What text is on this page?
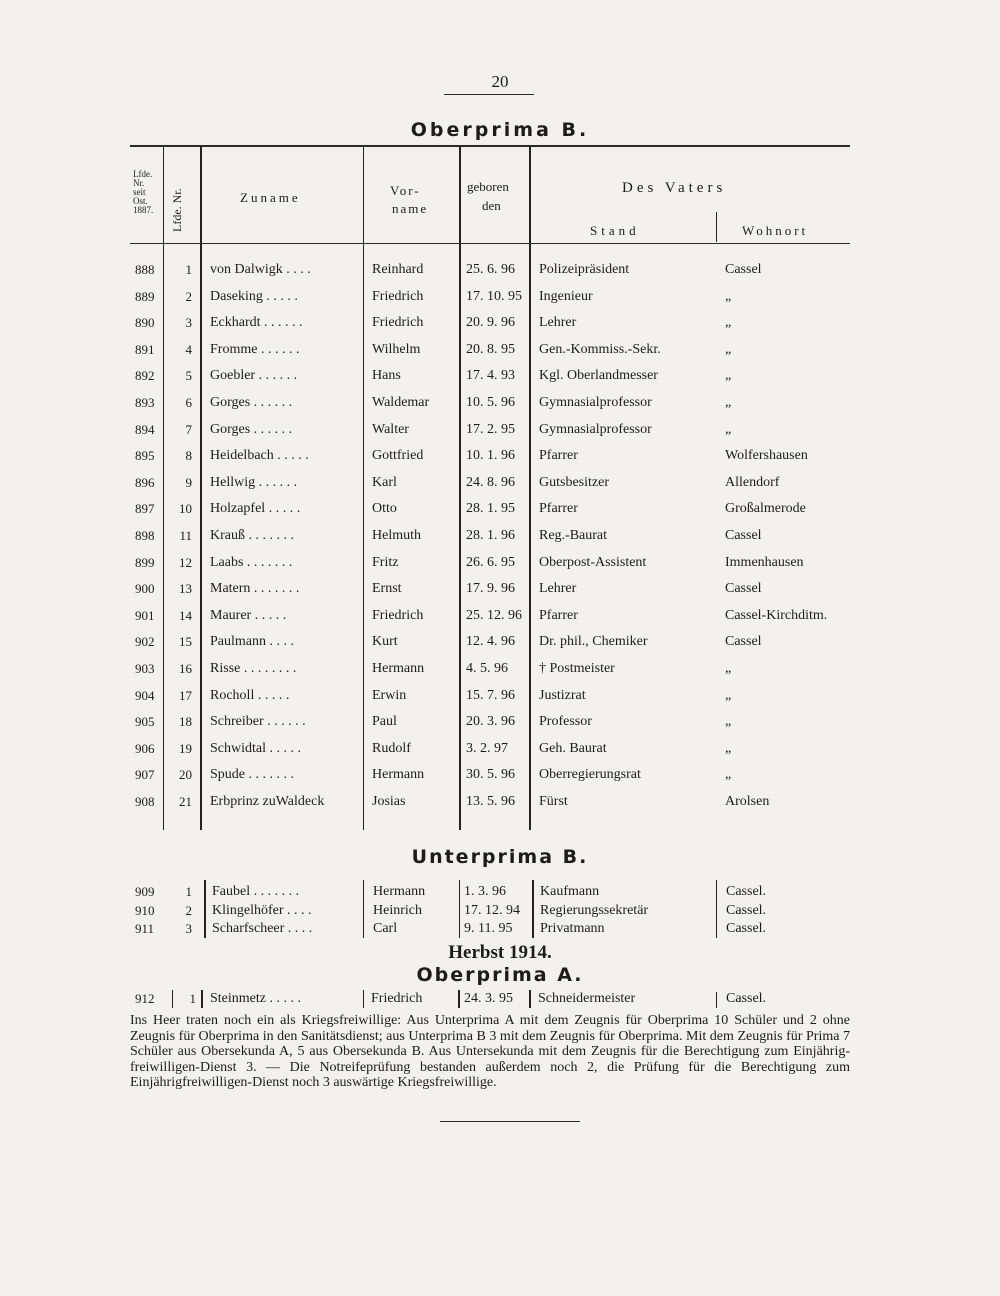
20
Oberprima B.
Lfde.
Nr.
seit
Ost.
1887. Lfde. Nr.	Zuname	Vor-
name
geboren
den
Des Vaters
Stand	Wohnort
888 1 von Dalwigk . . . .	Reinhard	25. 6. 96 Polizeipräsident	Cassel
889 2 Daseking . . . . .	Friedrich	17. 10. 95 Ingenieur	„
890 3 Eckhardt . . . . . .	Friedrich	20. 9. 96 Lehrer	„
891 4 Fromme . . . . . .	Wilhelm	20. 8. 95 Gen.-Kommiss.-Sekr.	„
892 5 Goebler . . . . . .	Hans	17. 4. 93 Kgl. Oberlandmesser	„
893 6 Gorges . . . . . .	Waldemar	10. 5. 96 Gymnasialprofessor	„
894 7 Gorges . . . . . .	Walter	17. 2. 95 Gymnasialprofessor	„
895 8 Heidelbach . . . . .	Gottfried	10. 1. 96 Pfarrer	Wolfershausen
896 9 Hellwig . . . . . .	Karl	24. 8. 96 Gutsbesitzer	Allendorf
897 10 Holzapfel . . . . .	Otto	28. 1. 95 Pfarrer	Großalmerode
898 11 Krauß . . . . . . .	Helmuth	28. 1. 96 Reg.-Baurat	Cassel
899 12 Laabs . . . . . . .	Fritz	26. 6. 95 Oberpost-Assistent	Immenhausen
900 13 Matern . . . . . . .	Ernst	17. 9. 96 Lehrer	Cassel
901 14 Maurer . . . . .	Friedrich	25. 12. 96 Pfarrer	Cassel-Kirchditm.
902 15 Paulmann . . . .	Kurt	12. 4. 96 Dr. phil., Chemiker	Cassel
903 16 Risse . . . . . . . .	Hermann	4. 5. 96 † Postmeister	„
904 17 Rocholl . . . . .	Erwin	15. 7. 96 Justizrat	„
905 18 Schreiber . . . . . .	Paul	20. 3. 96 Professor	„
906 19 Schwidtal . . . . .	Rudolf	3. 2. 97 Geh. Baurat	„
907 20 Spude . . . . . . .	Hermann	30. 5. 96 Oberregierungsrat	„
908 21 Erbprinz zuWaldeck	Josias	13. 5. 96 Fürst	Arolsen
Unterprima B.
909 1 Faubel . . . . . . .	Hermann	1. 3. 96 Kaufmann	Cassel.
910 2 Klingelhöfer . . . .	Heinrich	17. 12. 94 Regierungssekretär	Cassel.
911 3 Scharfscheer . . . .	Carl	9. 11. 95 Privatmann	Cassel.
Herbst 1914.
Oberprima A.
912	1 Steinmetz . . . . .	Friedrich	24. 3. 95 Schneidermeister	Cassel.
Ins Heer traten noch ein als Kriegsfreiwillige: Aus Unterprima A mit dem Zeugnis für Oberprima 10 Schüler und 2 ohne Zeugnis für Oberprima in den Sanitätsdienst; aus Unterprima B 3 mit dem Zeugnis für Oberprima. Mit dem Zeugnis für Prima 7 Schüler aus Obersekunda A, 5 aus Obersekunda B. Aus Untersekunda mit dem Zeugnis für die Berechtigung zum Einjährig-freiwilligen-Dienst 3. — Die Notreifeprüfung bestanden außerdem noch 2, die Prüfung für die Berechtigung zum Einjährigfreiwilligen-Dienst noch 3 auswärtige Kriegsfreiwillige.
